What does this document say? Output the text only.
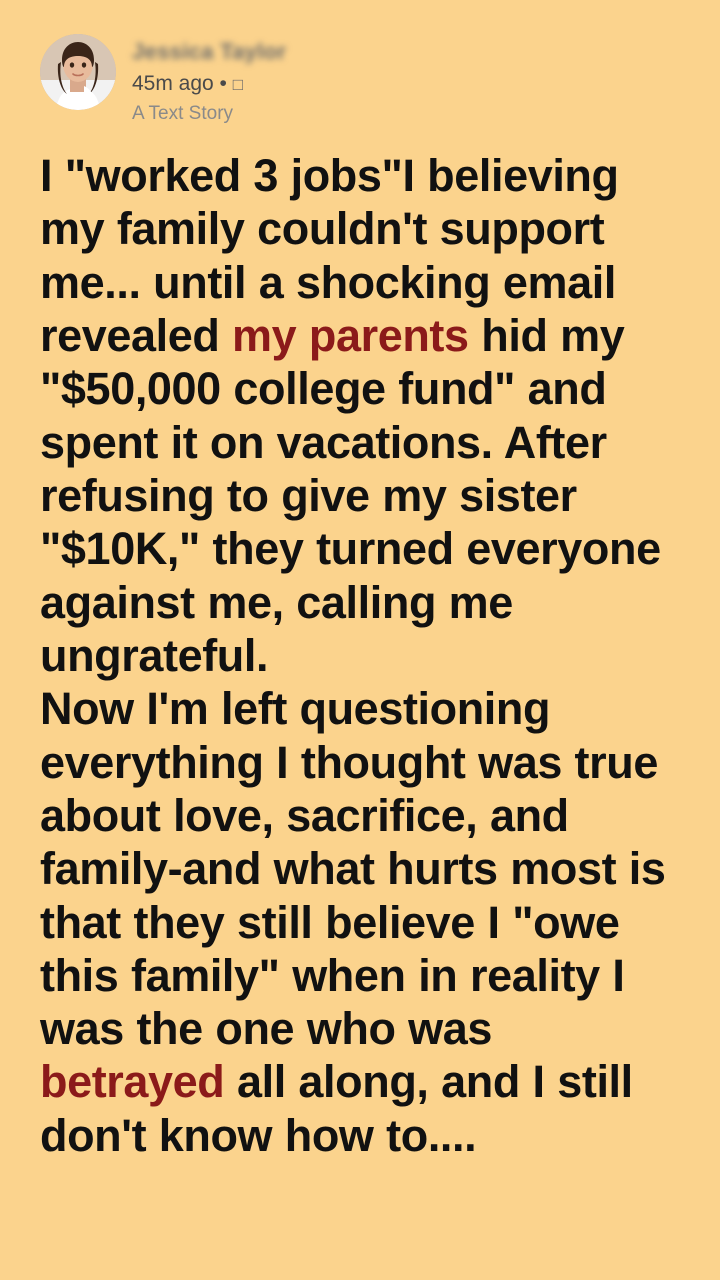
Jessica Taylor
45m ago • □
A Text Story
I "worked 3 jobs"I believing my family couldn't support me... until a shocking email revealed my parents hid my "$50,000 college fund" and spent it on vacations. After refusing to give my sister "$10K," they turned everyone against me, calling me ungrateful.
Now I'm left questioning everything I thought was true about love, sacrifice, and family-and what hurts most is that they still believe I "owe this family" when in reality I was the one who was betrayed all along, and I still don't know how to....
